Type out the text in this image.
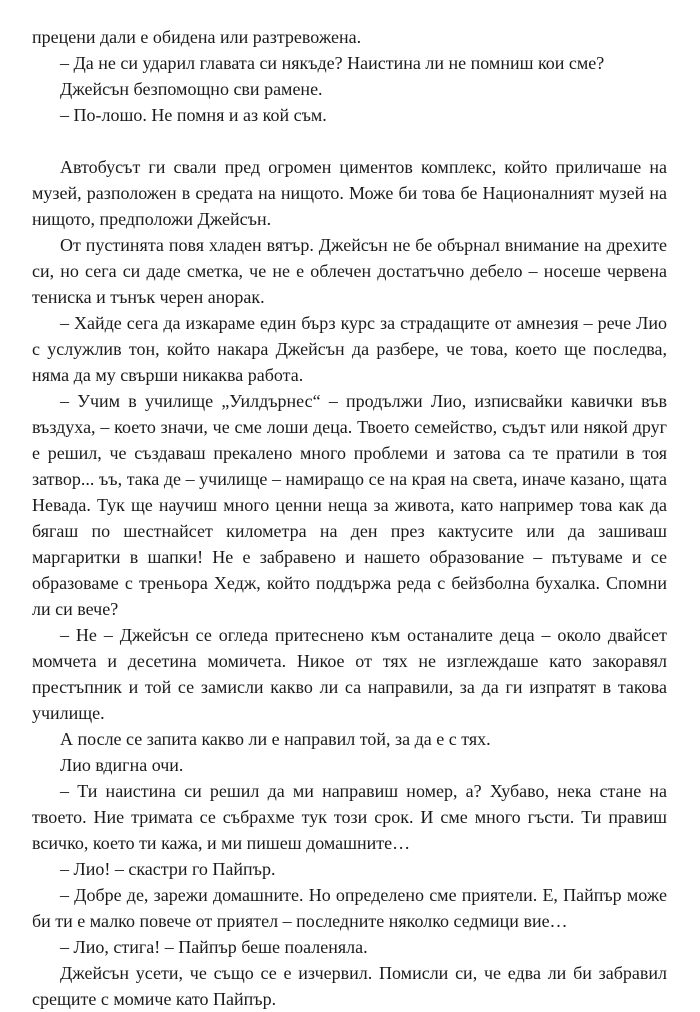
прецени дали е обидена или разтревожена.

– Да не си ударил главата си някъде? Наистина ли не помниш кои сме?

Джейсън безпомощно сви рамене.

– По-лошо. Не помня и аз кой съм.

Автобусът ги свали пред огромен циментов комплекс, който приличаше на музей, разположен в средата на нищото. Може би това бе Националният музей на нищото, предположи Джейсън.

От пустинята повя хладен вятър. Джейсън не бе обърнал внимание на дрехите си, но сега си даде сметка, че не е облечен достатъчно дебело – носеше червена тениска и тънък черен анорак.

– Хайде сега да изкараме един бърз курс за страдащите от амнезия – рече Лио с услужлив тон, който накара Джейсън да разбере, че това, което ще последва, няма да му свърши никаква работа.

– Учим в училище „Уилдърнес“ – продължи Лио, изписвайки кавички във въздуха, – което значи, че сме лоши деца. Твоето семейство, съдът или някой друг е решил, че създаваш прекалено много проблеми и затова са те пратили в тоя затвор... ъъ, така де – училище – намиращо се на края на света, иначе казано, щата Невада. Тук ще научиш много ценни неща за живота, като например това как да бягаш по шестнайсет километра на ден през кактусите или да зашиваш маргаритки в шапки! Не е забравено и нашето образование – пътуваме и се образоваме с треньора Хедж, който поддържа реда с бейзболна бухалка. Спомни ли си вече?

– Не – Джейсън се огледа притеснено към останалите деца – около двайсет момчета и десетина момичета. Никое от тях не изглеждаше като закоравял престъпник и той се замисли какво ли са направили, за да ги изпратят в такова училище.

А после се запита какво ли е направил той, за да е с тях.

Лио вдигна очи.

– Ти наистина си решил да ми направиш номер, а? Хубаво, нека стане на твоето. Ние тримата се събрахме тук този срок. И сме много гъсти. Ти правиш всичко, което ти кажа, и ми пишеш домашните…

– Лио! – скастри го Пайпър.

– Добре де, зарежи домашните. Но определено сме приятели. Е, Пайпър може би ти е малко повече от приятел – последните няколко седмици вие…

– Лио, стига! – Пайпър беше поаленяла.

Джейсън усети, че също се е изчервил. Помисли си, че едва ли би забравил срещите с момиче като Пайпър.
